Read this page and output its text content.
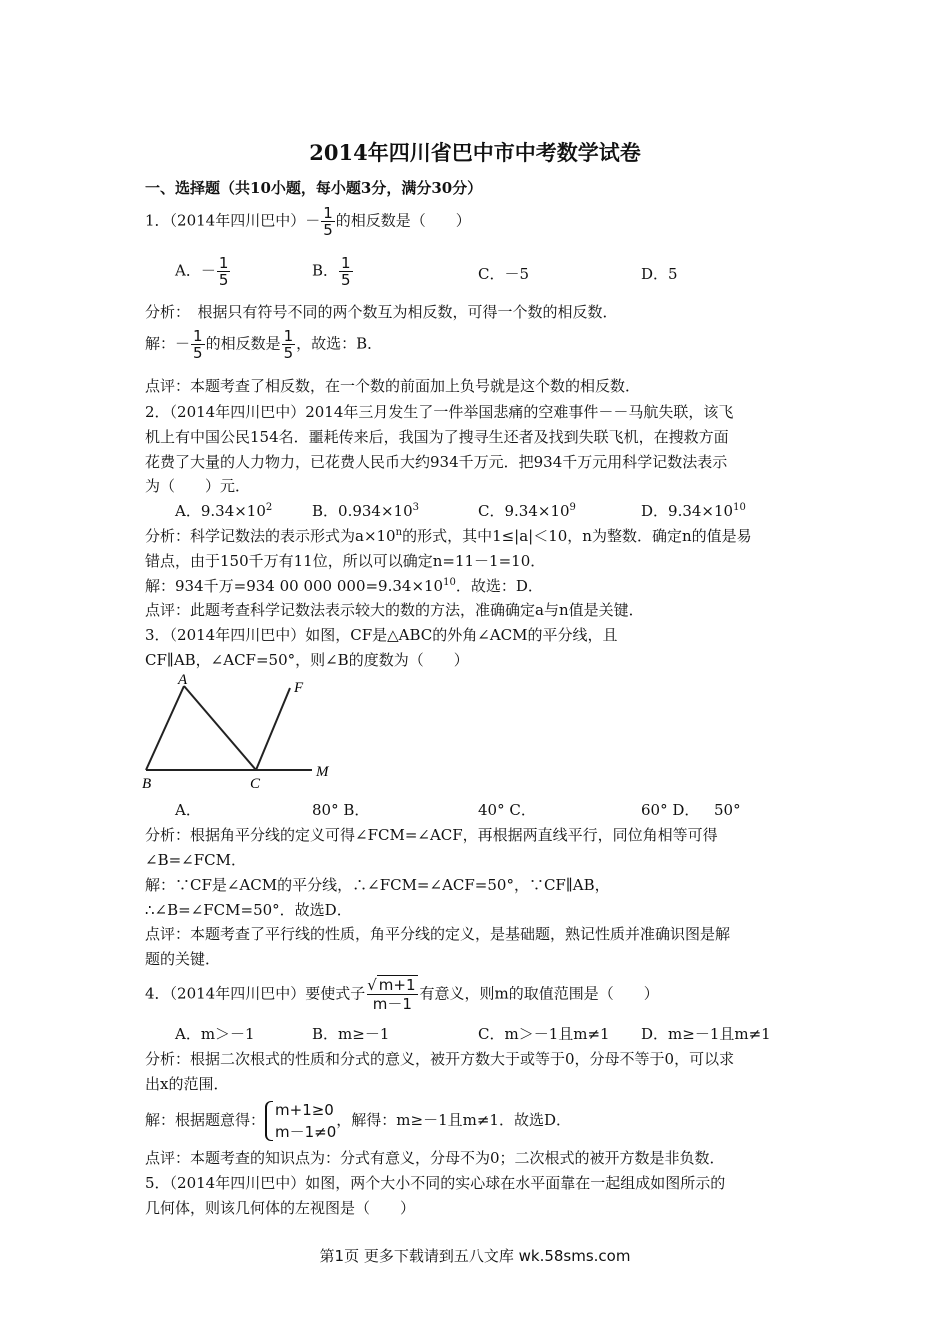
2014年四川省巴中市中考数学试卷
一、选择题（共10小题，每小题3分，满分30分）
1．（2014年四川巴中）－ $\frac{1}{5}$ 的相反数是（　　）
A．－ $\frac{1}{5}$	B． $\frac{1}{5}$	C．－5	D．5
分析：　根据只有符号不同的两个数互为相反数，可得一个数的相反数．
解：－ $\frac{1}{5}$ 的相反数是 $\frac{1}{5}$ ，故选：B．
点评：本题考查了相反数，在一个数的前面加上负号就是这个数的相反数．
2．（2014年四川巴中）2014年三月发生了一件举国悲痛的空难事件－－马航失联，该飞
机上有中国公民154名．噩耗传来后，我国为了搜寻生还者及找到失联飞机，在搜救方面
花费了大量的人力物力，已花费人民币大约934千万元．把934千万元用科学记数法表示
为（　　）元．
A．$9.34\times 10^2$	B．$0.934\times 10^3$	C．$9.34\times 10^9$	D．$9.34\times 10^{10}$
分析：科学记数法的表示形式为$a\times 10^n$的形式，其中1≤|a|＜10，n为整数．确定n的值是易
错点，由于150千万有11位，所以可以确定n=11－1=10．
解：934千万=934 00 000 $000=9.34\times 10^{10}$．故选：D．
点评：此题考查科学记数法表示较大的数的方法，准确确定a与n值是关键．
3．（2014年四川巴中）如图，CF是△ABC的外角∠ACM的平分线，且
CF∥AB，∠ACF=50°，则∠B的度数为（　　）
A
B	C
F
M
A．	80° B．	40° C．	60° D． 50°
分析：根据角平分线的定义可得∠FCM=∠ACF，再根据两直线平行，同位角相等可得
∠B=∠FCM．
解：∵CF是∠ACM的平分线，∴∠FCM=∠ACF=50°，∵CF∥AB，
∴∠B=∠FCM=50°．故选D．
点评：本题考查了平行线的性质，角平分线的定义，是基础题，熟记性质并准确识图是解
题的关键．
4．（2014年四川巴中）要使式子 $\frac{√ m+1}{m-1}$ 有意义，则m的取值范围是（　　）
A．m＞－1	B．m≥－1	C．m＞－1且m≠1 D．m≥－1且m≠1
分析：根据二次根式的性质和分式的意义，被开方数大于或等于0，分母不等于0，可以求
出x的范围．
解：根据题意得：
m+1≥0
m－1≠0
，解得：m≥－1且m≠1．故选D．
点评：本题考查的知识点为：分式有意义，分母不为0；二次根式的被开方数是非负数．
5．（2014年四川巴中）如图，两个大小不同的实心球在水平面靠在一起组成如图所示的
几何体，则该几何体的左视图是（　　）
第1页 更多下载请到五八文库 wk.58sms.com
